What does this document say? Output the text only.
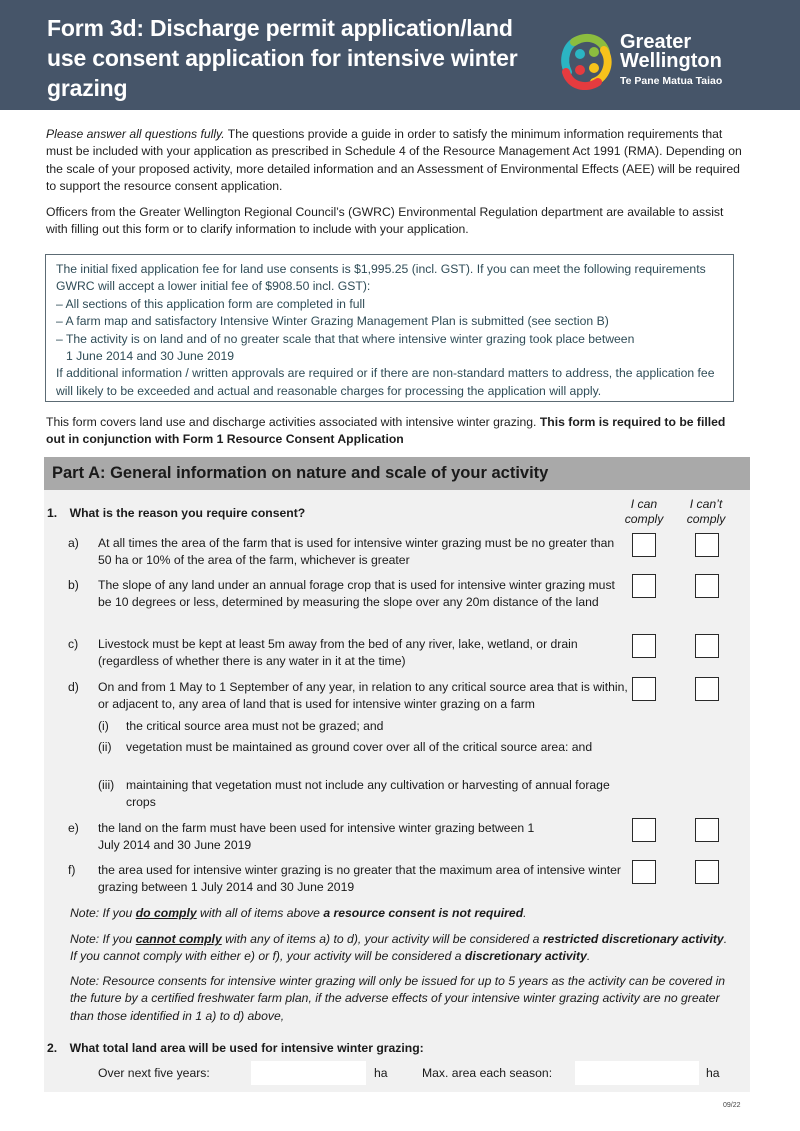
Form 3d: Discharge permit application/land use consent application for intensive winter grazing
Greater
Wellington
Te Pane Matua Taiao
Please answer all questions fully. The questions provide a guide in order to satisfy the minimum information requirements that must be included with your application as prescribed in Schedule 4 of the Resource Management Act 1991 (RMA). Depending on the scale of your proposed activity, more detailed information and an Assessment of Environmental Effects (AEE) will be required to support the resource consent application.
Officers from the Greater Wellington Regional Council’s (GWRC) Environmental Regulation department are available to assist with filling out this form or to clarify information to include with your application.
The initial fixed application fee for land use consents is $1,995.25 (incl. GST). If you can meet the following requirements GWRC will accept a lower initial fee of $908.50 incl. GST):
– All sections of this application form are completed in full
– A farm map and satisfactory Intensive Winter Grazing Management Plan is submitted (see section B)
– The activity is on land and of no greater scale that that where intensive winter grazing took place between
1 June 2014 and 30 June 2019
If additional information / written approvals are required or if there are non-standard matters to address, the application fee will likely to be exceeded and actual and reasonable charges for processing the application will apply.
This form covers land use and discharge activities associated with intensive winter grazing. This form is required to be filled out in conjunction with Form 1 Resource Consent Application
Part A: General information on nature and scale of your activity
1. What is the reason you require consent?
I can
comply
I can’t
comply
a) At all times the area of the farm that is used for intensive winter grazing must be no greater than 50 ha or 10% of the area of the farm, whichever is greater
b) The slope of any land under an annual forage crop that is used for intensive winter grazing must be 10 degrees or less, determined by measuring the slope over any 20m distance of the land
c) Livestock must be kept at least 5m away from the bed of any river, lake, wetland, or drain (regardless of whether there is any water in it at the time)
d) On and from 1 May to 1 September of any year, in relation to any critical source area that is within, or adjacent to, any area of land that is used for intensive winter grazing on a farm
(i) the critical source area must not be grazed; and
(ii) vegetation must be maintained as ground cover over all of the critical source area: and
(iii) maintaining that vegetation must not include any cultivation or harvesting of annual forage crops
e) the land on the farm must have been used for intensive winter grazing between 1 July 2014 and 30 June 2019
f) the area used for intensive winter grazing is no greater that the maximum area of intensive winter grazing between 1 July 2014 and 30 June 2019
Note: If you do comply with all of items above a resource consent is not required.
Note: If you cannot comply with any of items a) to d), your activity will be considered a restricted discretionary activity. If you cannot comply with either e) or f), your activity will be considered a discretionary activity.
Note: Resource consents for intensive winter grazing will only be issued for up to 5 years as the activity can be covered in the future by a certified freshwater farm plan, if the adverse effects of your intensive winter grazing activity are no greater than those identified in 1 a) to d) above,
2. What total land area will be used for intensive winter grazing:
Over next five years:	ha	Max. area each season:	ha
09/22
